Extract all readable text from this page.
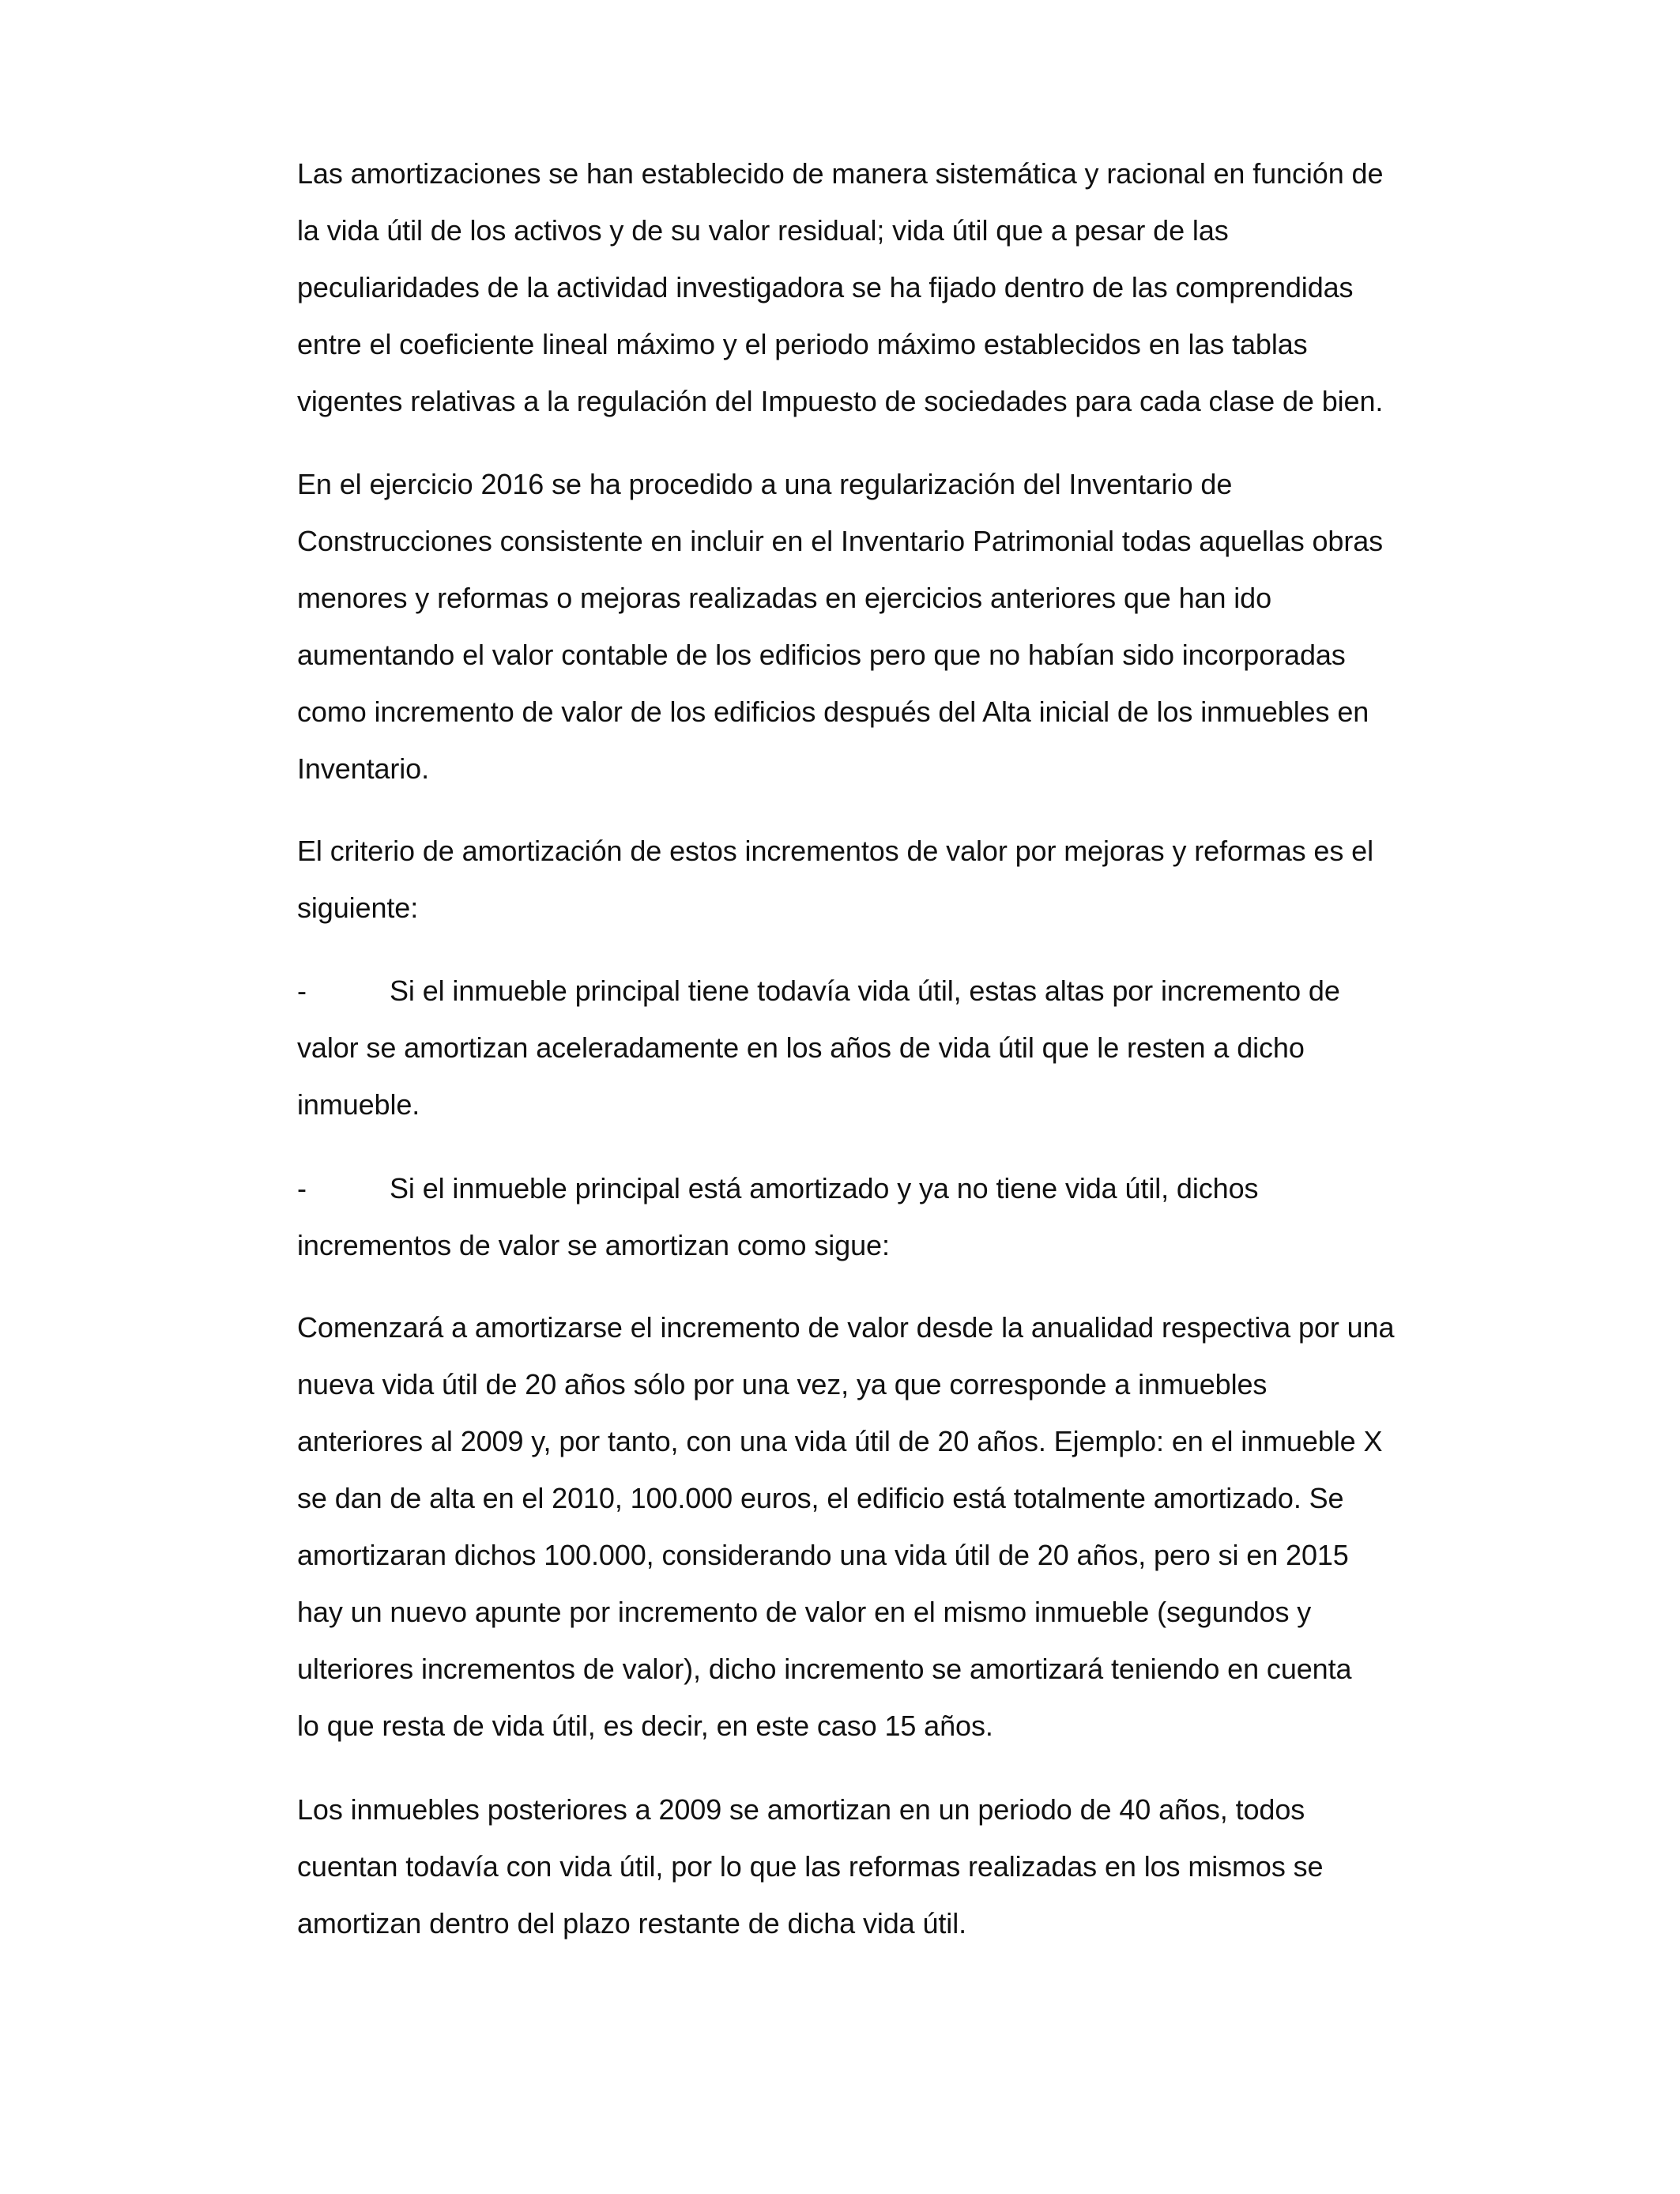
Las amortizaciones se han establecido de manera sistemática y racional en función de
la vida útil de los activos y de su valor residual; vida útil que a pesar de las
peculiaridades de la actividad investigadora se ha fijado dentro de las comprendidas
entre el coeficiente lineal máximo y el periodo máximo establecidos en las tablas
vigentes relativas a la regulación del Impuesto de sociedades para cada clase de bien.
En el ejercicio 2016 se ha procedido a una regularización del Inventario de
Construcciones consistente en incluir en el Inventario Patrimonial todas aquellas obras
menores y reformas o mejoras realizadas en ejercicios anteriores que han ido
aumentando el valor contable de los edificios pero que no habían sido incorporadas
como incremento de valor de los edificios después del Alta inicial de los inmuebles en
Inventario.
El criterio de amortización de estos incrementos de valor por mejoras y reformas es el
siguiente:
-	Si el inmueble principal tiene todavía vida útil, estas altas por incremento de
valor se amortizan aceleradamente en los años de vida útil que le resten a dicho
inmueble.
-	Si el inmueble principal está amortizado y ya no tiene vida útil, dichos
incrementos de valor se amortizan como sigue:
Comenzará a amortizarse el incremento de valor desde la anualidad respectiva por una
nueva vida útil de 20 años sólo por una vez, ya que corresponde a inmuebles
anteriores al 2009 y, por tanto, con una vida útil de 20 años. Ejemplo: en el inmueble X
se dan de alta en el 2010, 100.000 euros, el edificio está totalmente amortizado. Se
amortizaran dichos 100.000, considerando una vida útil de 20 años, pero si en 2015
hay un nuevo apunte por incremento de valor en el mismo inmueble (segundos y
ulteriores incrementos de valor), dicho incremento se amortizará teniendo en cuenta
lo que resta de vida útil, es decir, en este caso 15 años.
Los inmuebles posteriores a 2009 se amortizan en un periodo de 40 años, todos
cuentan todavía con vida útil, por lo que las reformas realizadas en los mismos se
amortizan dentro del plazo restante de dicha vida útil.
